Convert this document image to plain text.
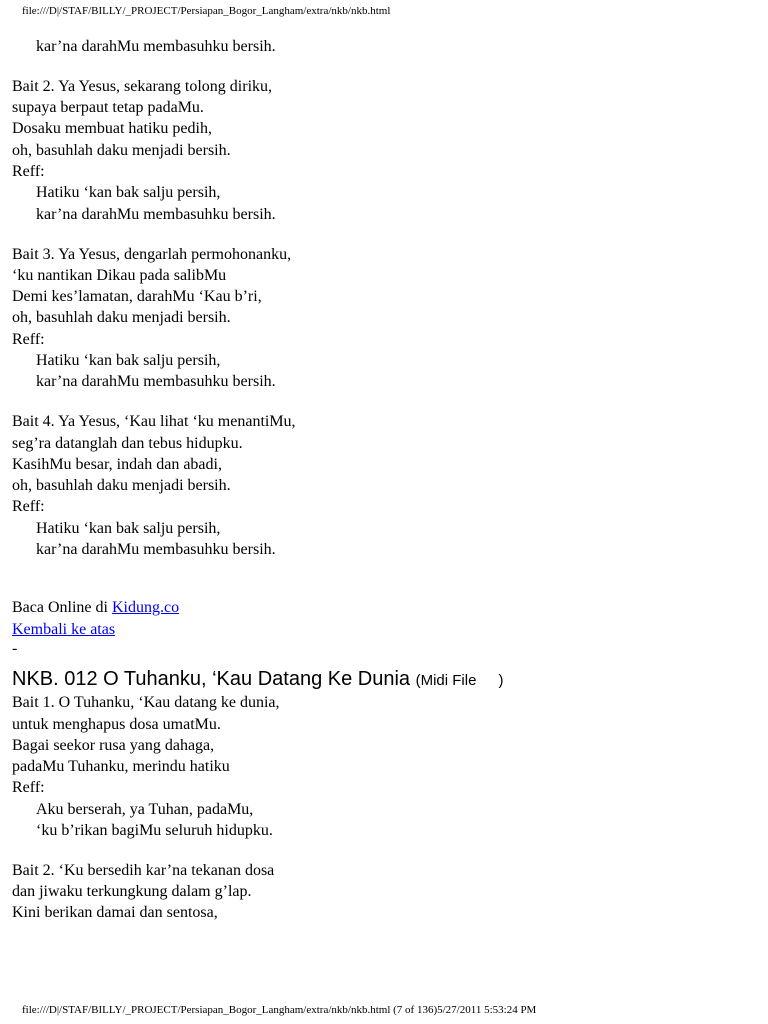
file:///D|/STAF/BILLY/_PROJECT/Persiapan_Bogor_Langham/extra/nkb/nkb.html
kar’na darahMu membasuhku bersih.
Bait 2. Ya Yesus, sekarang tolong diriku,
supaya berpaut tetap padaMu.
Dosaku membuat hatiku pedih,
oh, basuhlah daku menjadi bersih.
Reff:
Hatiku ‘kan bak salju persih,
kar’na darahMu membasuhku bersih.
Bait 3. Ya Yesus, dengarlah permohonanku,
‘ku nantikan Dikau pada salibMu
Demi kes’lamatan, darahMu ‘Kau b’ri,
oh, basuhlah daku menjadi bersih.
Reff:
Hatiku ‘kan bak salju persih,
kar’na darahMu membasuhku bersih.
Bait 4. Ya Yesus, ‘Kau lihat ‘ku menantiMu,
seg’ra datanglah dan tebus hidupku.
KasihMu besar, indah dan abadi,
oh, basuhlah daku menjadi bersih.
Reff:
Hatiku ‘kan bak salju persih,
kar’na darahMu membasuhku bersih.
Baca Online di Kidung.co
Kembali ke atas
-
NKB. 012 O Tuhanku, ‘Kau Datang Ke Dunia (Midi File )
Bait 1. O Tuhanku, ‘Kau datang ke dunia,
untuk menghapus dosa umatMu.
Bagai seekor rusa yang dahaga,
padaMu Tuhanku, merindu hatiku
Reff:
Aku berserah, ya Tuhan, padaMu,
‘ku b’rikan bagiMu seluruh hidupku.
Bait 2. ‘Ku bersedih kar’na tekanan dosa
dan jiwaku terkungkung dalam g’lap.
Kini berikan damai dan sentosa,
file:///D|/STAF/BILLY/_PROJECT/Persiapan_Bogor_Langham/extra/nkb/nkb.html (7 of 136)5/27/2011 5:53:24 PM
